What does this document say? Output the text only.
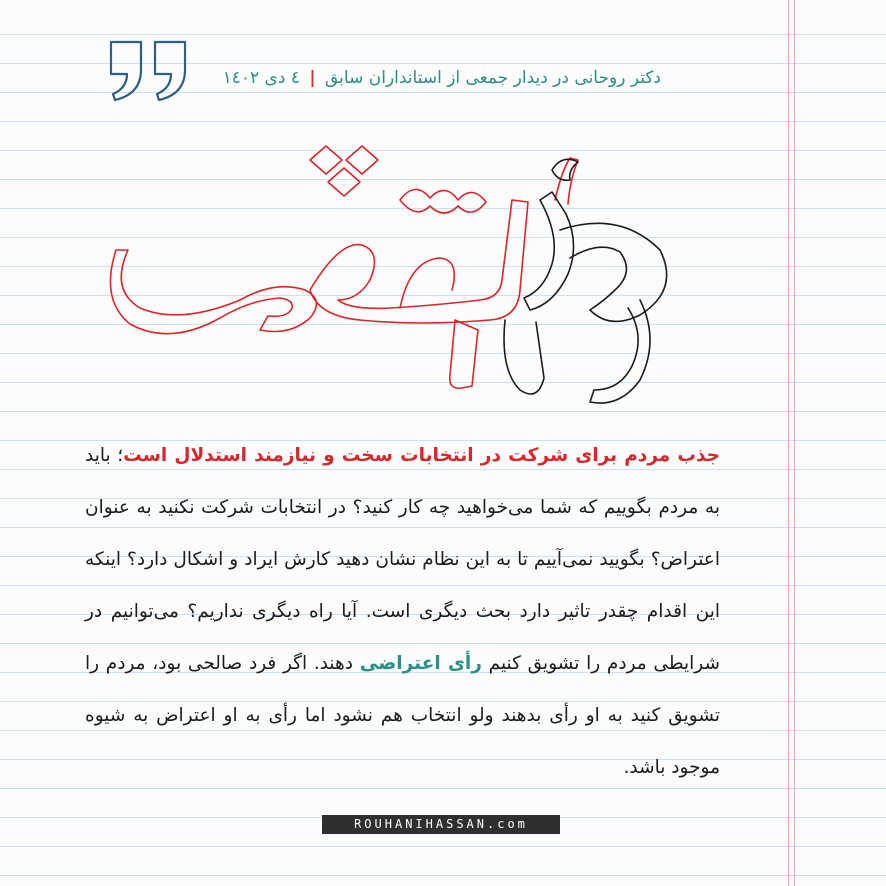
دکتر روحانی در دیدار جمعی از استانداران سابق | ٤ دی ١٤٠٢
جذب مردم برای شرکت در انتخابات سخت و نیازمند استدلال است؛ باید به مردم بگوییم که شما می‌خواهید چه کار کنید؟ در انتخابات شرکت نکنید به عنوان اعتراض؟ بگویید نمی‌آییم تا به این نظام نشان دهید کارش ایراد و اشکال دارد؟ اینکه این اقدام چقدر تاثیر دارد بحث دیگری است. آیا راه دیگری نداریم؟ می‌توانیم در شرایطی مردم را تشویق کنیم رأی اعتراضی دهند. اگر فرد صالحی بود، مردم را تشویق کنید به او رأی بدهند ولو انتخاب هم نشود اما رأی به او اعتراض به شیوه موجود باشد.
ROUHANIHASSAN.com
